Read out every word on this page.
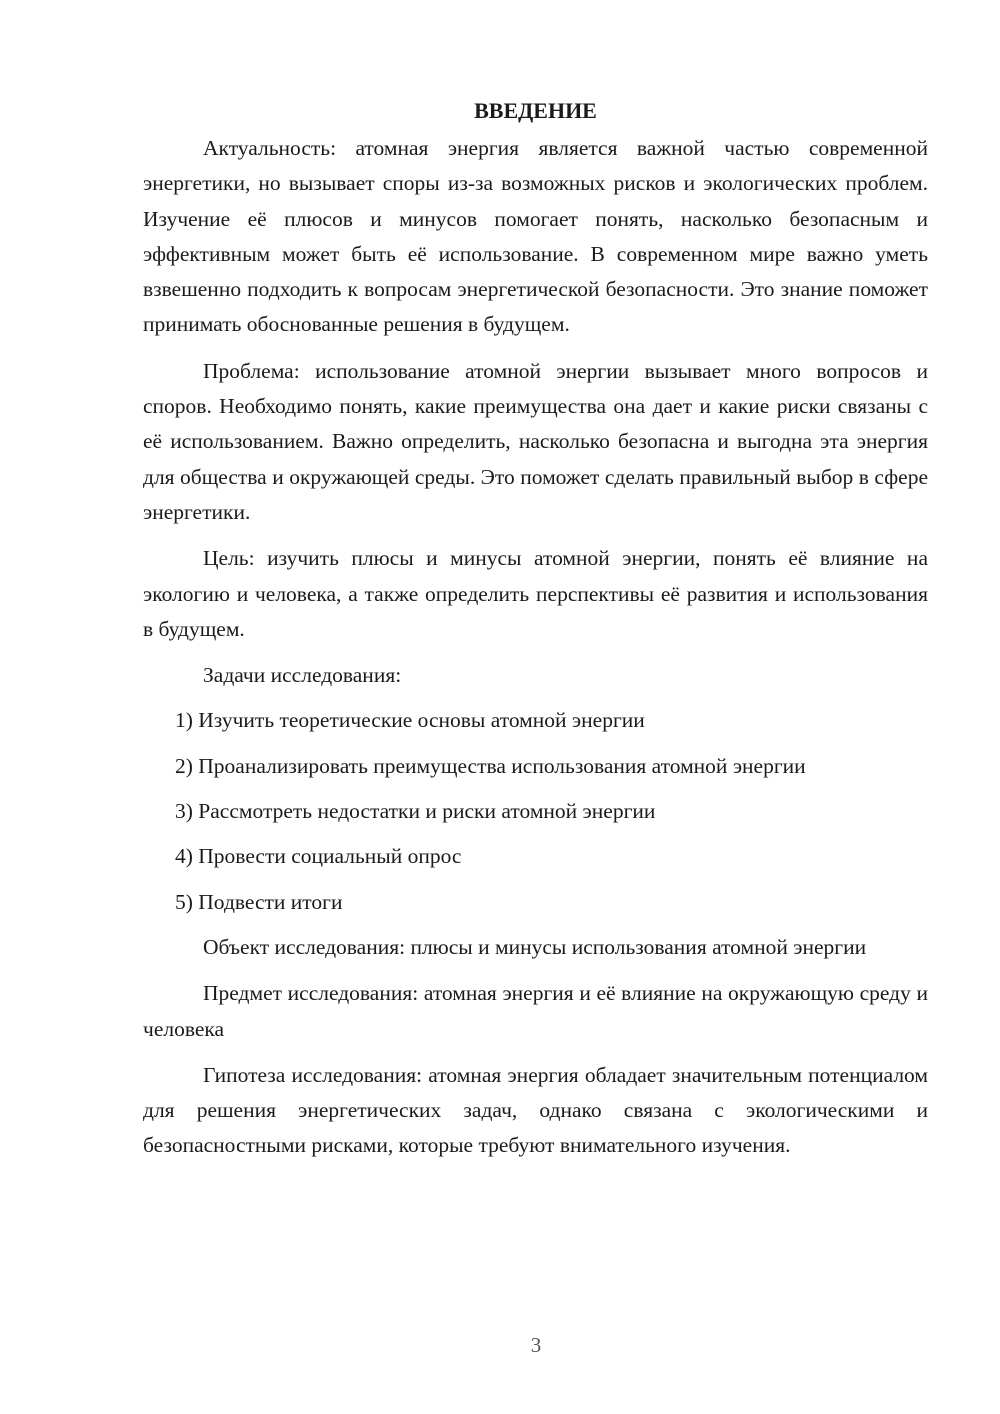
ВВЕДЕНИЕ

Актуальность: атомная энергия является важной частью современной энергетики, но вызывает споры из-за возможных рисков и экологических проблем. Изучение её плюсов и минусов помогает понять, насколько безопасным и эффективным может быть её использование. В современном мире важно уметь взвешенно подходить к вопросам энергетической безопасности. Это знание поможет принимать обоснованные решения в будущем.

Проблема: использование атомной энергии вызывает много вопросов и споров. Необходимо понять, какие преимущества она дает и какие риски связаны с её использованием. Важно определить, насколько безопасна и выгодна эта энергия для общества и окружающей среды. Это поможет сделать правильный выбор в сфере энергетики.

Цель: изучить плюсы и минусы атомной энергии, понять её влияние на экологию и человека, а также определить перспективы её развития и использования в будущем.

Задачи исследования:

1) Изучить теоретические основы атомной энергии
2) Проанализировать преимущества использования атомной энергии
3) Рассмотреть недостатки и риски атомной энергии
4) Провести социальный опрос
5) Подвести итоги

Объект исследования: плюсы и минусы использования атомной энергии

Предмет исследования: атомная энергия и её влияние на окружающую среду и человека

Гипотеза исследования: атомная энергия обладает значительным потенциалом для решения энергетических задач, однако связана с экологическими и безопасностными рисками, которые требуют внимательного изучения.

3
